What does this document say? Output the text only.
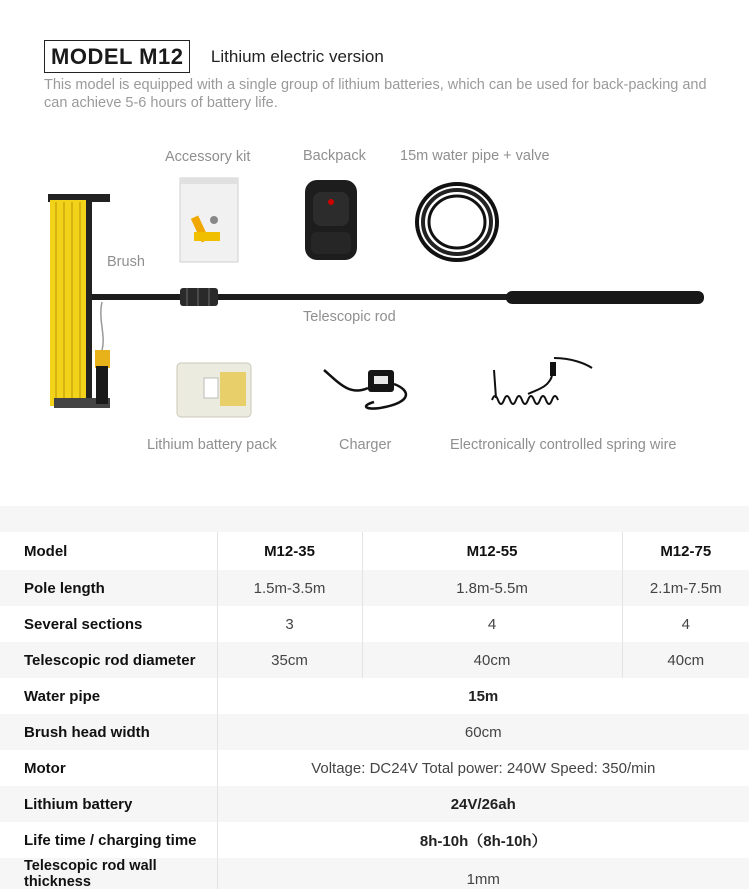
MODEL M12 Lithium electric version

This model is equipped with a single group of lithium batteries, which can be used for back-packing and can achieve 5-6 hours of battery life.

Accessory kit	Backpack 15m water pipe + valve
Brush
Telescopic rod
Lithium battery pack	Charger	Electronically controlled spring wire
Model	M12-35	M12-55	M12-75
Pole length	1.5m-3.5m	1.8m-5.5m	2.1m-7.5m
Several sections	3	4	4
Telescopic rod diameter	35cm	40cm	40cm
Water pipe	15m		
Brush head width	60cm		
Motor	Voltage: DC24V Total power: 240W Speed: 350/min		
Lithium battery	24V/26ah		
Life time / charging time	8h-10h（8h-10h）		
Telescopic rod wall thickness	1mm		
